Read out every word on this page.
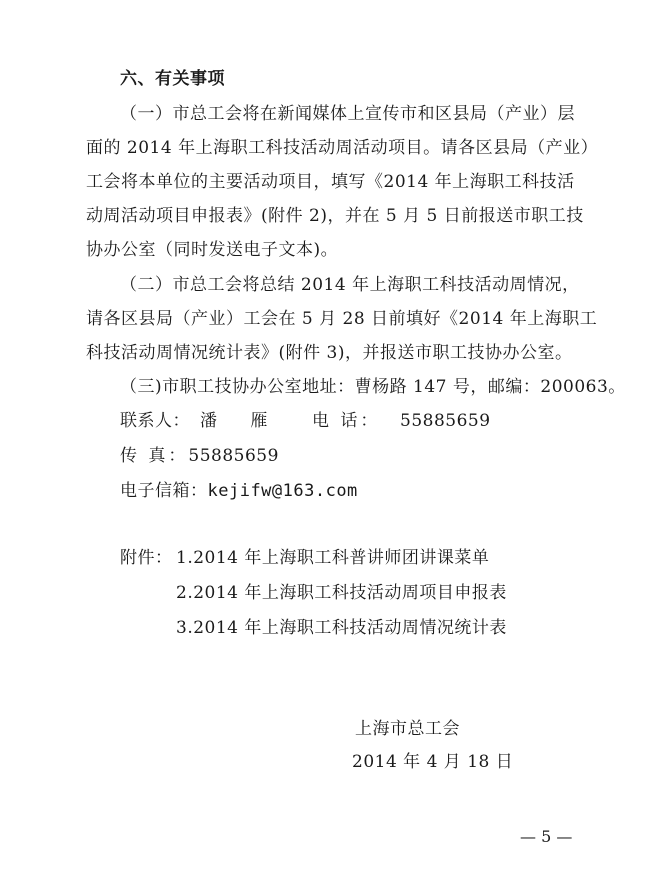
六、有关事项
（一）市总工会将在新闻媒体上宣传市和区县局（产业）层
面的 2014 年上海职工科技活动周活动项目。请各区县局（产业）
工会将本单位的主要活动项目，填写《2014 年上海职工科技活
动周活动项目申报表》(附件 2)，并在 5 月 5 日前报送市职工技
协办公室（同时发送电子文本)。
（二）市总工会将总结 2014 年上海职工科技活动周情况，
请各区县局（产业）工会在 5 月 28 日前填好《2014 年上海职工
科技活动周情况统计表》(附件 3)，并报送市职工技协办公室。
（三)市职工技协办公室地址：曹杨路 147 号，邮编：200063。
联系人： 潘 雁 电 话： 55885659
传 真：55885659
电子信箱：kejifw@163.com
附件： 1.2014 年上海职工科普讲师团讲课菜单
2.2014 年上海职工科技活动周项目申报表
3.2014 年上海职工科技活动周情况统计表
上海市总工会
2014 年 4 月 18 日
— 5 —
